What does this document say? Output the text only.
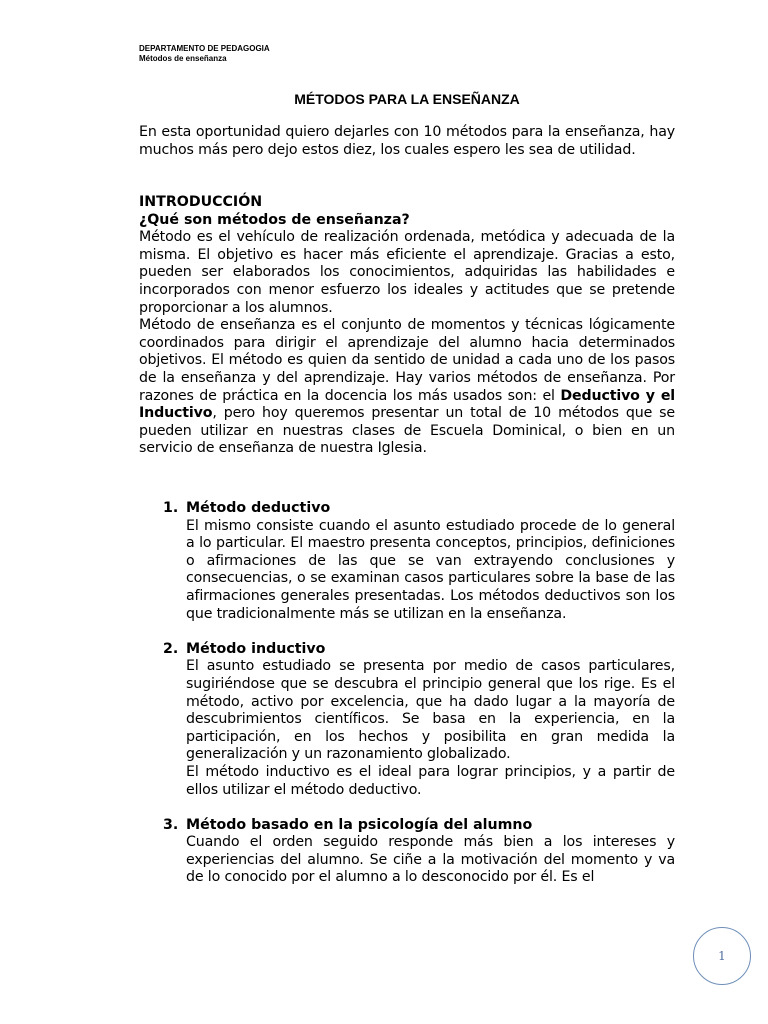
DEPARTAMENTO DE PEDAGOGIA
Métodos de enseñanza
MÉTODOS PARA LA ENSEÑANZA

En esta oportunidad quiero dejarles con 10 métodos para la enseñanza, hay muchos más pero dejo estos diez, los cuales espero les sea de utilidad.

INTRODUCCIÓN

¿Qué son métodos de enseñanza?

Método es el vehículo de realización ordenada, metódica y adecuada de la misma. El objetivo es hacer más eficiente el aprendizaje. Gracias a esto, pueden ser elaborados los conocimientos, adquiridas las habilidades e incorporados con menor esfuerzo los ideales y actitudes que se pretende proporcionar a los alumnos.

Método de enseñanza es el conjunto de momentos y técnicas lógicamente coordinados para dirigir el aprendizaje del alumno hacia determinados objetivos. El método es quien da sentido de unidad a cada uno de los pasos de la enseñanza y del aprendizaje. Hay varios métodos de enseñanza. Por razones de práctica en la docencia los más usados son: el Deductivo y el Inductivo, pero hoy queremos presentar un total de 10 métodos que se pueden utilizar en nuestras clases de Escuela Dominical, o bien en un servicio de enseñanza de nuestra Iglesia.

1. Método deductivo

El mismo consiste cuando el asunto estudiado procede de lo general a lo particular. El maestro presenta conceptos, principios, definiciones o afirmaciones de las que se van extrayendo conclusiones y consecuencias, o se examinan casos particulares sobre la base de las afirmaciones generales presentadas. Los métodos deductivos son los que tradicionalmente más se utilizan en la enseñanza.

2. Método inductivo

El asunto estudiado se presenta por medio de casos particulares, sugiriéndose que se descubra el principio general que los rige. Es el método, activo por excelencia, que ha dado lugar a la mayoría de descubrimientos científicos. Se basa en la experiencia, en la participación, en los hechos y posibilita en gran medida la generalización y un razonamiento globalizado.

El método inductivo es el ideal para lograr principios, y a partir de ellos utilizar el método deductivo.

3. Método basado en la psicología del alumno

Cuando el orden seguido responde más bien a los intereses y experiencias del alumno. Se ciñe a la motivación del momento y va de lo conocido por el alumno a lo desconocido por él. Es el

1
